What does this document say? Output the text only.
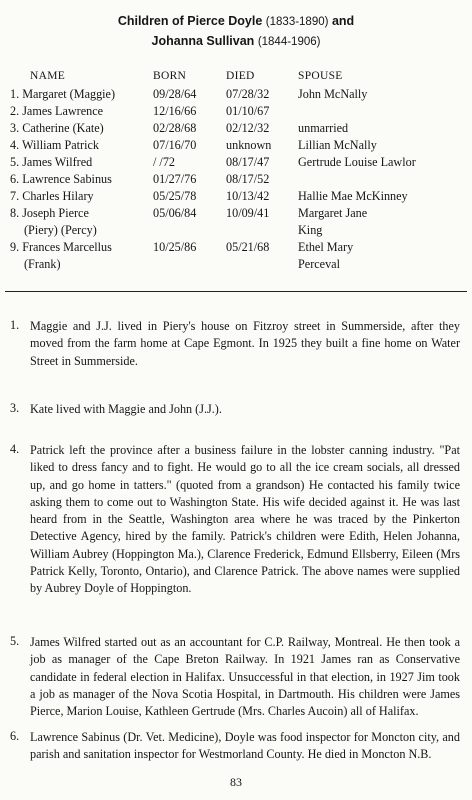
Children of Pierce Doyle (1833-1890) and
Johanna Sullivan (1844-1906)
NAME	BORN	DIED	SPOUSE
1. Margaret (Maggie)	09/28/64 07/28/32 John McNally
2. James Lawrence	12/16/66 01/10/67
3. Catherine (Kate)	02/28/68 02/12/32 unmarried
4. William Patrick	07/16/70 unknown Lillian McNally
5. James Wilfred	/ /72	08/17/47 Gertrude Louise Lawlor
6. Lawrence Sabinus	01/27/76 08/17/52
7. Charles Hilary	05/25/78 10/13/42 Hallie Mae McKinney
8. Joseph Pierce	05/06/84 10/09/41 Margaret Jane
(Piery) (Percy)	King
9. Frances Marcellus	10/25/86 05/21/68 Ethel Mary
(Frank)	Perceval
1. Maggie and J.J. lived in Piery's house on Fitzroy street in Summerside, after they moved from the farm home at Cape Egmont. In 1925 they built a fine home on Water Street in Summerside.
3. Kate lived with Maggie and John (J.J.).
4. Patrick left the province after a business failure in the lobster canning industry. "Pat liked to dress fancy and to fight. He would go to all the ice cream socials, all dressed up, and go home in tatters." (quoted from a grandson) He contacted his family twice asking them to come out to Washington State. His wife decided against it. He was last heard from in the Seattle, Washington area where he was traced by the Pinkerton Detective Agency, hired by the family. Patrick's children were Edith, Helen Johanna, William Aubrey (Hoppington Ma.), Clarence Frederick, Edmund Ellsberry, Eileen (Mrs Patrick Kelly, Toronto, Ontario), and Clarence Patrick. The above names were supplied by Aubrey Doyle of Hoppington.
5. James Wilfred started out as an accountant for C.P. Railway, Montreal. He then took a job as manager of the Cape Breton Railway. In 1921 James ran as Conservative candidate in federal election in Halifax. Unsuccessful in that election, in 1927 Jim took a job as manager of the Nova Scotia Hospital, in Dartmouth. His children were James Pierce, Marion Louise, Kathleen Gertrude (Mrs. Charles Aucoin) all of Halifax.
6. Lawrence Sabinus (Dr. Vet. Medicine), Doyle was food inspector for Moncton city, and parish and sanitation inspector for Westmorland County. He died in Moncton N.B.
83
